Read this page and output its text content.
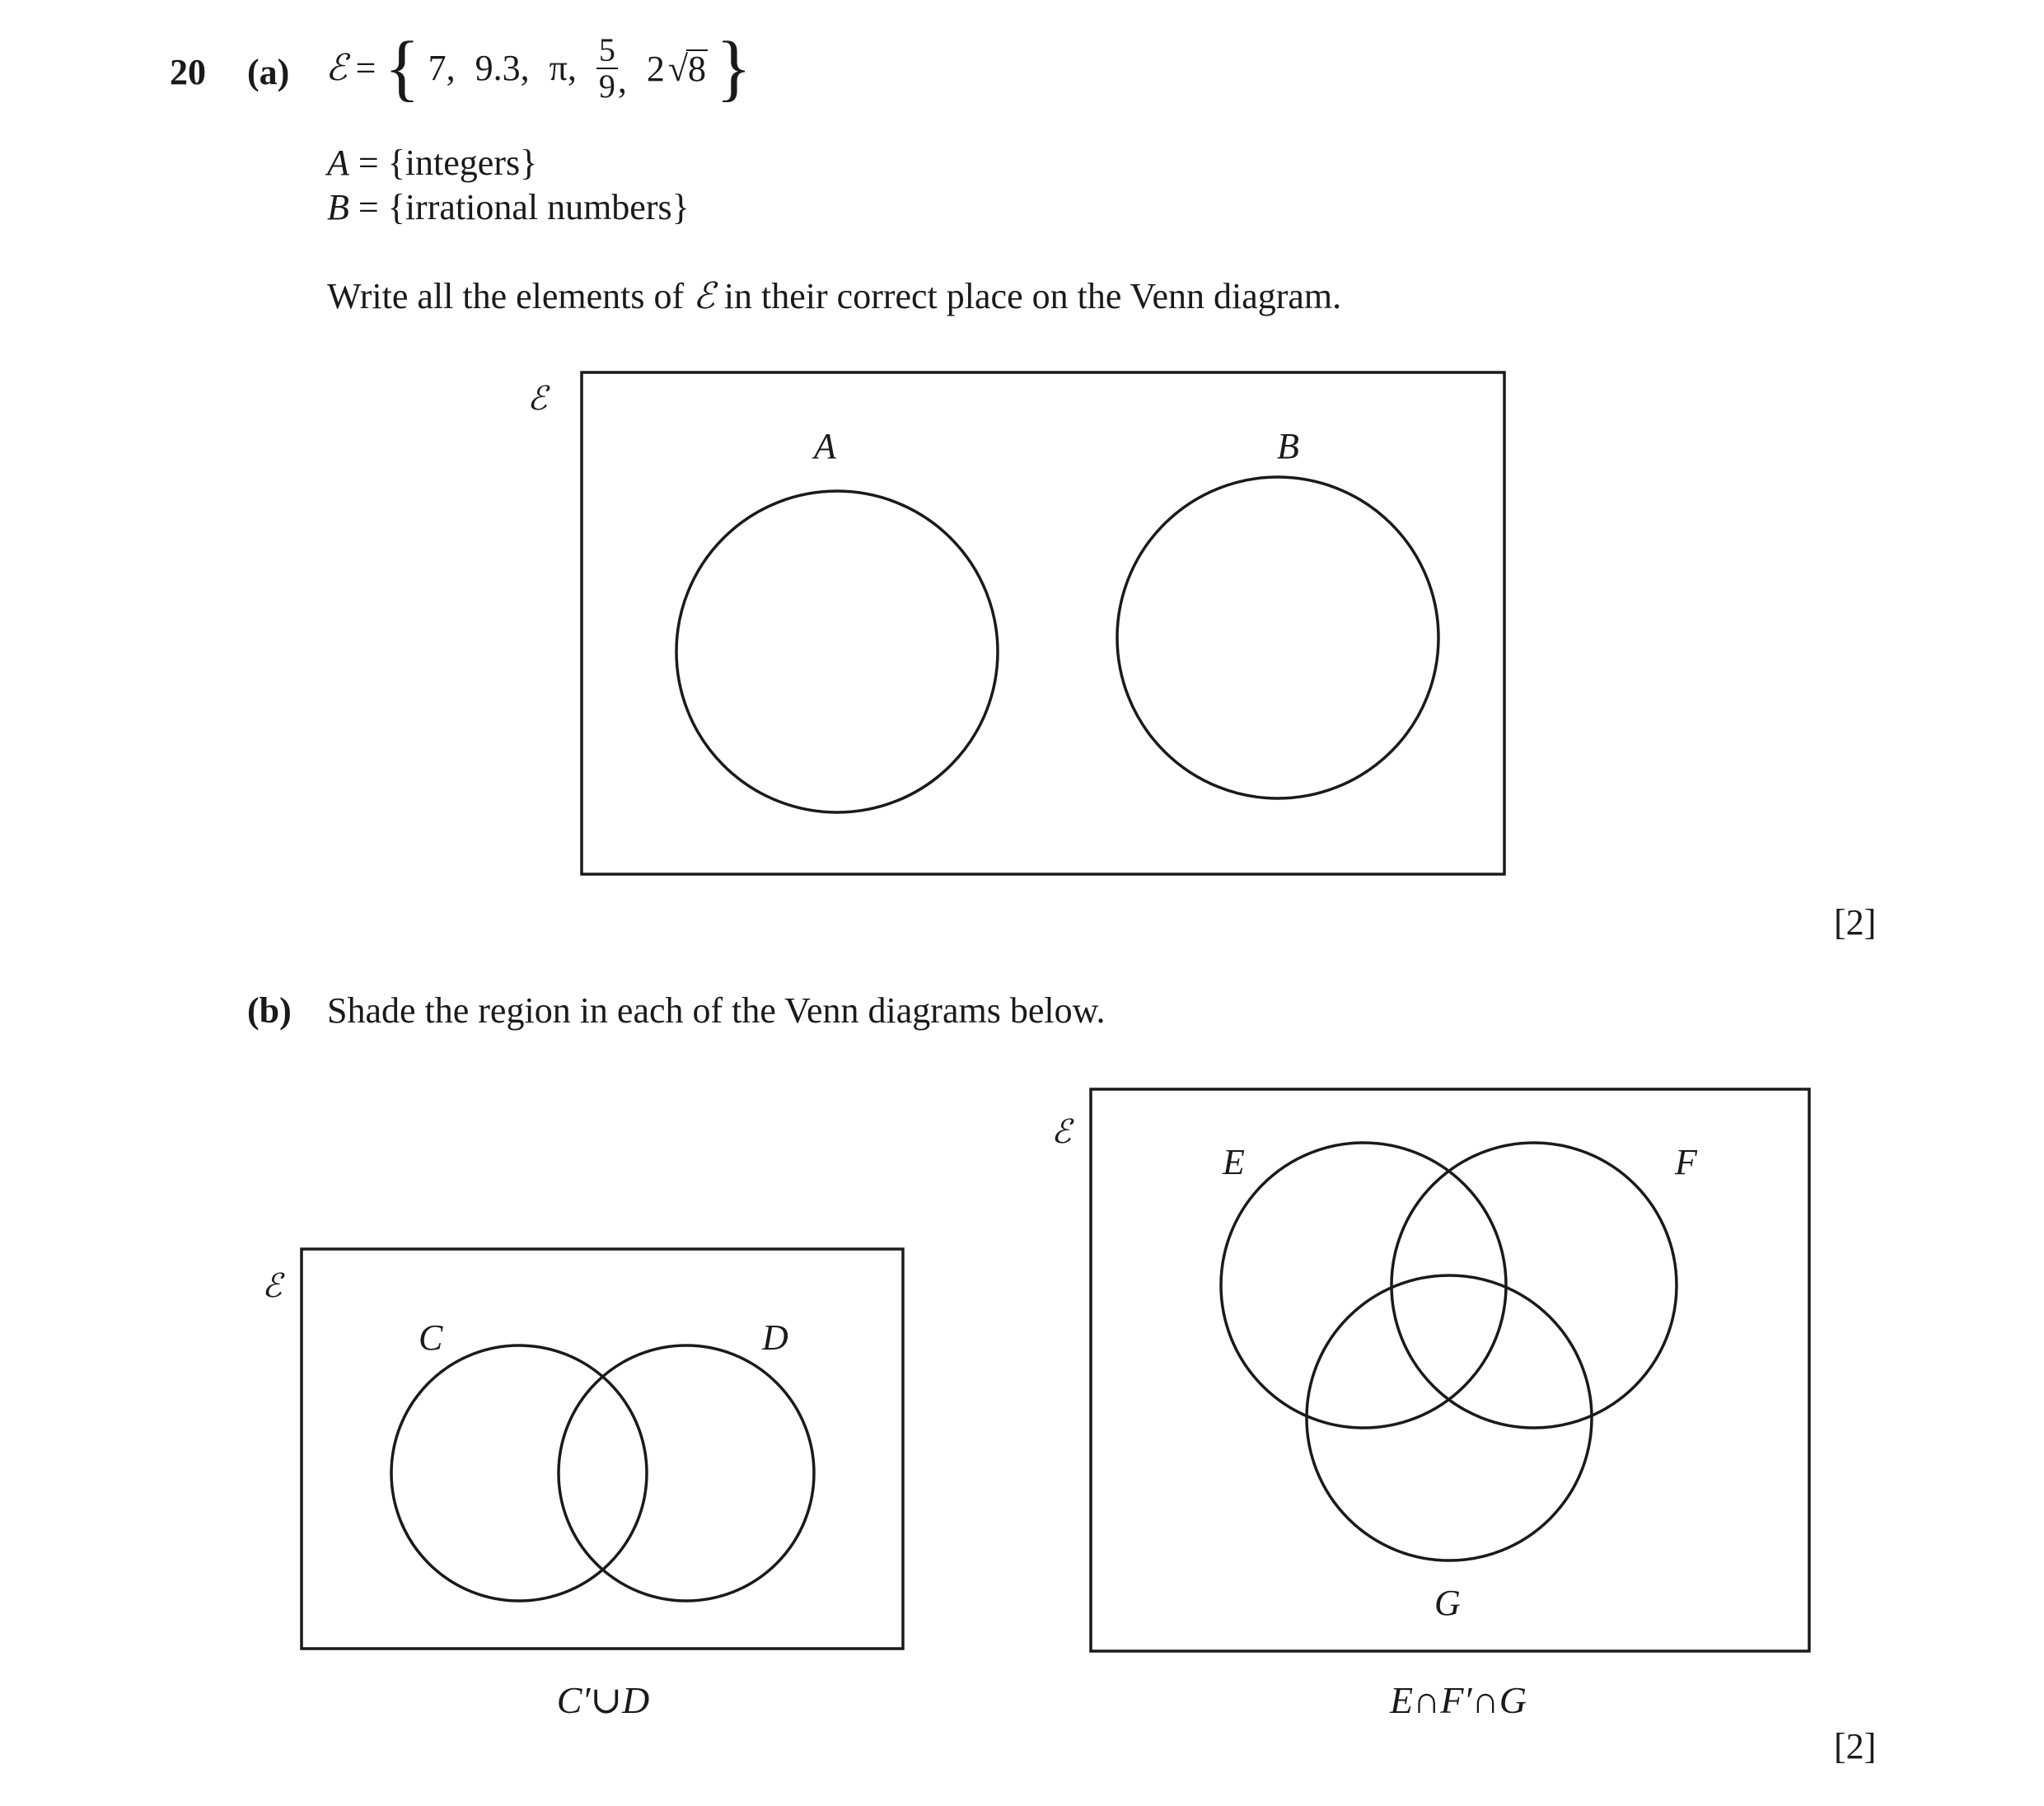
20 (a) ℰ = { 7, 9.3, π, $\frac{5}{9}$ , 2 √ 8 }
A = {integers}
B = {irrational numbers}
Write all the elements of ℰ in their correct place on the Venn diagram.
[2]
(b) Shade the region in each of the Venn diagrams below.
[2]
ℰ
A	B
ℰ
C	D
C′∪D
ℰ
E	F
G
E∩F′∩G
